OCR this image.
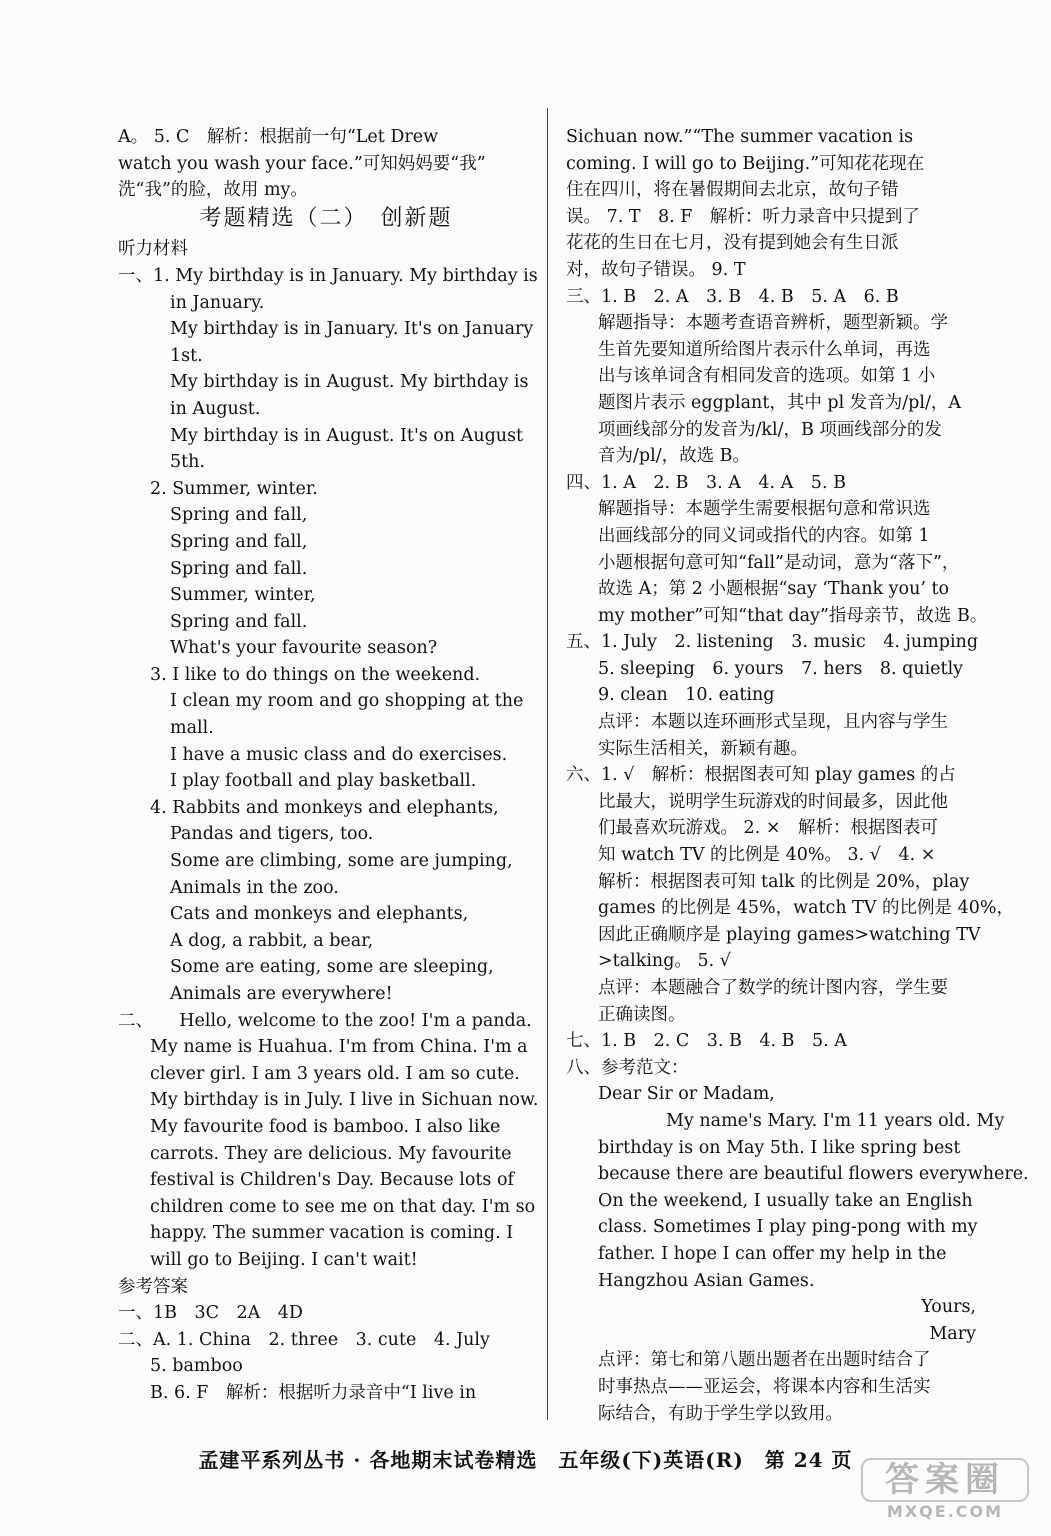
A。 5. C　解析：根据前一句“Let Drew
watch you wash your face.”可知妈妈要“我”
洗“我”的脸，故用 my。
考题精选（二）　创新题
听力材料
一、1. My birthday is in January. My birthday is
in January.
My birthday is in January. It's on January
1st.
My birthday is in August. My birthday is
in August.
My birthday is in August. It's on August
5th.
2. Summer, winter.
Spring and fall,
Spring and fall,
Spring and fall.
Summer, winter,
Spring and fall.
What's your favourite season?
3. I like to do things on the weekend.
I clean my room and go shopping at the
mall.
I have a music class and do exercises.
I play football and play basketball.
4. Rabbits and monkeys and elephants,
Pandas and tigers, too.
Some are climbing, some are jumping,
Animals in the zoo.
Cats and monkeys and elephants,
A dog, a rabbit, a bear,
Some are eating, some are sleeping,
Animals are everywhere!
二、　　Hello, welcome to the zoo! I'm a panda.
My name is Huahua. I'm from China. I'm a
clever girl. I am 3 years old. I am so cute.
My birthday is in July. I live in Sichuan now.
My favourite food is bamboo. I also like
carrots. They are delicious. My favourite
festival is Children's Day. Because lots of
children come to see me on that day. I'm so
happy. The summer vacation is coming. I
will go to Beijing. I can't wait!
参考答案
一、1B　3C　2A　4D
二、A. 1. China　2. three　3. cute　4. July
5. bamboo
B. 6. F　解析：根据听力录音中“I live in
Sichuan now.”“The summer vacation is
coming. I will go to Beijing.”可知花花现在
住在四川，将在暑假期间去北京，故句子错
误。 7. T　8. F　解析：听力录音中只提到了
花花的生日在七月，没有提到她会有生日派
对，故句子错误。 9. T
三、1. B　2. A　3. B　4. B　5. A　6. B
解题指导：本题考查语音辨析，题型新颖。学
生首先要知道所给图片表示什么单词，再选
出与该单词含有相同发音的选项。如第 1 小
题图片表示 eggplant，其中 pl 发音为/pl/，A
项画线部分的发音为/kl/，B 项画线部分的发
音为/pl/，故选 B。
四、1. A　2. B　3. A　4. A　5. B
解题指导：本题学生需要根据句意和常识选
出画线部分的同义词或指代的内容。如第 1
小题根据句意可知“fall”是动词，意为“落下”，
故选 A；第 2 小题根据“say ‘Thank you’ to
my mother”可知“that day”指母亲节，故选 B。
五、1. July　2. listening　3. music　4. jumping
5. sleeping　6. yours　7. hers　8. quietly
9. clean　10. eating
点评：本题以连环画形式呈现，且内容与学生
实际生活相关，新颖有趣。
六、1. √　解析：根据图表可知 play games 的占
比最大，说明学生玩游戏的时间最多，因此他
们最喜欢玩游戏。 2. ×　解析：根据图表可
知 watch TV 的比例是 40%。 3. √　4. ×
解析：根据图表可知 talk 的比例是 20%，play
games 的比例是 45%，watch TV 的比例是 40%，
因此正确顺序是 playing games>watching TV
>talking。 5. √
点评：本题融合了数学的统计图内容，学生要
正确读图。
七、1. B　2. C　3. B　4. B　5. A
八、参考范文：
Dear Sir or Madam,
My name's Mary. I'm 11 years old. My
birthday is on May 5th. I like spring best
because there are beautiful flowers everywhere.
On the weekend, I usually take an English
class. Sometimes I play ping-pong with my
father. I hope I can offer my help in the
Hangzhou Asian Games.
Yours,
Mary
点评：第七和第八题出题者在出题时结合了
时事热点——亚运会，将课本内容和生活实
际结合，有助于学生学以致用。
孟建平系列丛书 · 各地期末试卷精选　五年级(下)英语(R)　第 24 页 答案圈
MXQE.COM
